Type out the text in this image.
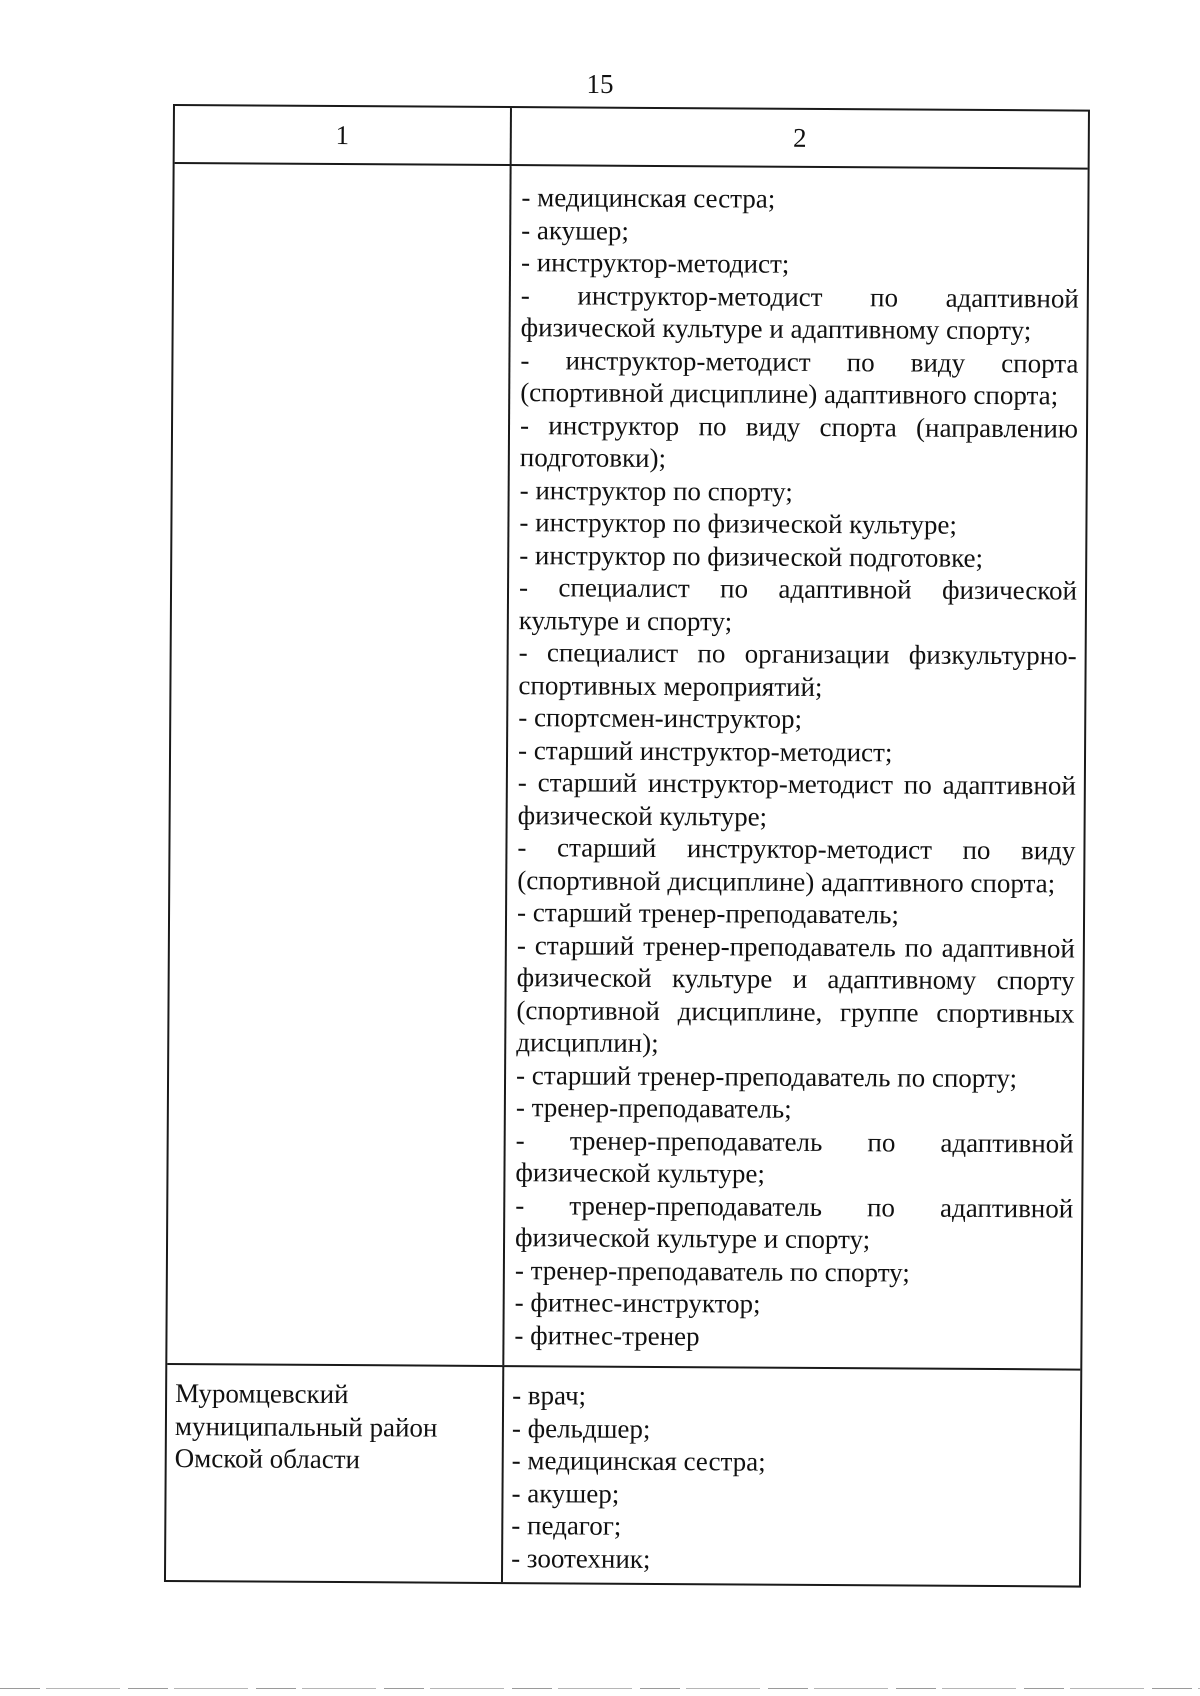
15
1	2

- медицинская сестра;

- акушер;

- инструктор-методист;

- инструктор-методист по адаптивной физической культуре и адаптивному спорту;

- инструктор-методист по виду спорта (спортивной дисциплине) адаптивного спорта;

- инструктор по виду спорта (направлению подготовки);

- инструктор по спорту;

- инструктор по физической культуре;

- инструктор по физической подготовке;

- специалист по адаптивной физической культуре и спорту;

- специалист по организации физкультурно-спортивных мероприятий;

- спортсмен-инструктор;

- старший инструктор-методист;

- старший инструктор-методист по адаптивной физической культуре;

- старший инструктор-методист по виду (спортивной дисциплине) адаптивного спорта;

- старший тренер-преподаватель;

- старший тренер-преподаватель по адаптивной физической культуре и адаптивному спорту (спортивной дисциплине, группе спортивных дисциплин);

- старший тренер-преподаватель по спорту;

- тренер-преподаватель;

- тренер-преподаватель по адаптивной физической культуре;

- тренер-преподаватель по адаптивной физической культуре и спорту;

- тренер-преподаватель по спорту;

- фитнес-инструктор;

- фитнес-тренер

Муромцевский муниципальный район Омской области

- врач;

- фельдшер;

- медицинская сестра;

- акушер;

- педагог;

- зоотехник;
